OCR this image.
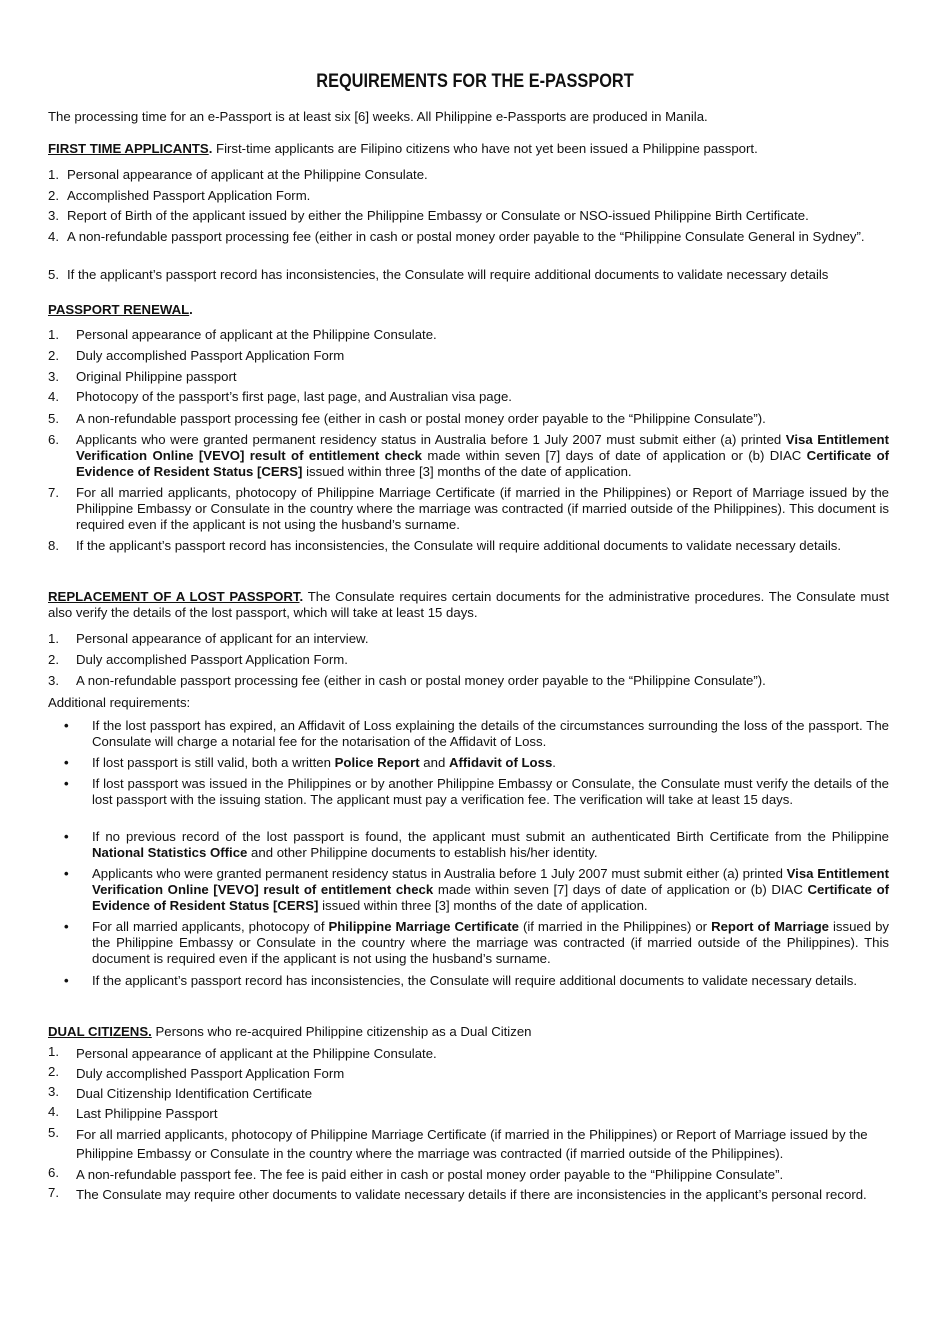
REQUIREMENTS FOR THE E-PASSPORT

The processing time for an e-Passport is at least six [6] weeks. All Philippine e-Passports are produced in Manila.

FIRST TIME APPLICANTS. First-time applicants are Filipino citizens who have not yet been issued a Philippine passport.

1. Personal appearance of applicant at the Philippine Consulate.

2. Accomplished Passport Application Form.

3. Report of Birth of the applicant issued by either the Philippine Embassy or Consulate or NSO-issued Philippine Birth Certificate.

4. A non-refundable passport processing fee (either in cash or postal money order payable to the “Philippine Consulate General in Sydney”.

5. If the applicant’s passport record has inconsistencies, the Consulate will require additional documents to validate necessary details

PASSPORT RENEWAL.

1. Personal appearance of applicant at the Philippine Consulate.

2. Duly accomplished Passport Application Form

3. Original Philippine passport

4. Photocopy of the passport’s first page, last page, and Australian visa page.

5. A non-refundable passport processing fee (either in cash or postal money order payable to the “Philippine Consulate”).

6. Applicants who were granted permanent residency status in Australia before 1 July 2007 must submit either (a) printed Visa Entitlement Verification Online [VEVO] result of entitlement check made within seven [7] days of date of application or (b) DIAC Certificate of Evidence of Resident Status [CERS] issued within three [3] months of the date of application.

7. For all married applicants, photocopy of Philippine Marriage Certificate (if married in the Philippines) or Report of Marriage issued by the Philippine Embassy or Consulate in the country where the marriage was contracted (if married outside of the Philippines). This document is required even if the applicant is not using the husband’s surname.

8. If the applicant’s passport record has inconsistencies, the Consulate will require additional documents to validate necessary details.

REPLACEMENT OF A LOST PASSPORT. The Consulate requires certain documents for the administrative procedures. The Consulate must also verify the details of the lost passport, which will take at least 15 days.

1. Personal appearance of applicant for an interview.

2. Duly accomplished Passport Application Form.

3. A non-refundable passport processing fee (either in cash or postal money order payable to the “Philippine Consulate”).

Additional requirements:

• If the lost passport has expired, an Affidavit of Loss explaining the details of the circumstances surrounding the loss of the passport. The Consulate will charge a notarial fee for the notarisation of the Affidavit of Loss.

• If lost passport is still valid, both a written Police Report and Affidavit of Loss.

• If lost passport was issued in the Philippines or by another Philippine Embassy or Consulate, the Consulate must verify the details of the lost passport with the issuing station. The applicant must pay a verification fee. The verification will take at least 15 days.

• If no previous record of the lost passport is found, the applicant must submit an authenticated Birth Certificate from the Philippine National Statistics Office and other Philippine documents to establish his/her identity.

• Applicants who were granted permanent residency status in Australia before 1 July 2007 must submit either (a) printed Visa Entitlement Verification Online [VEVO] result of entitlement check made within seven [7] days of date of application or (b) DIAC Certificate of Evidence of Resident Status [CERS] issued within three [3] months of the date of application.

• For all married applicants, photocopy of Philippine Marriage Certificate (if married in the Philippines) or Report of Marriage issued by the Philippine Embassy or Consulate in the country where the marriage was contracted (if married outside of the Philippines). This document is required even if the applicant is not using the husband’s surname.

• If the applicant’s passport record has inconsistencies, the Consulate will require additional documents to validate necessary details.

DUAL CITIZENS. Persons who re-acquired Philippine citizenship as a Dual Citizen

1. Personal appearance of applicant at the Philippine Consulate.

2. Duly accomplished Passport Application Form

3. Dual Citizenship Identification Certificate

4. Last Philippine Passport

5. For all married applicants, photocopy of Philippine Marriage Certificate (if married in the Philippines) or Report of Marriage issued by the Philippine Embassy or Consulate in the country where the marriage was contracted (if married outside of the Philippines).

6. A non-refundable passport fee. The fee is paid either in cash or postal money order payable to the “Philippine Consulate”.

7. The Consulate may require other documents to validate necessary details if there are inconsistencies in the applicant’s personal record.
